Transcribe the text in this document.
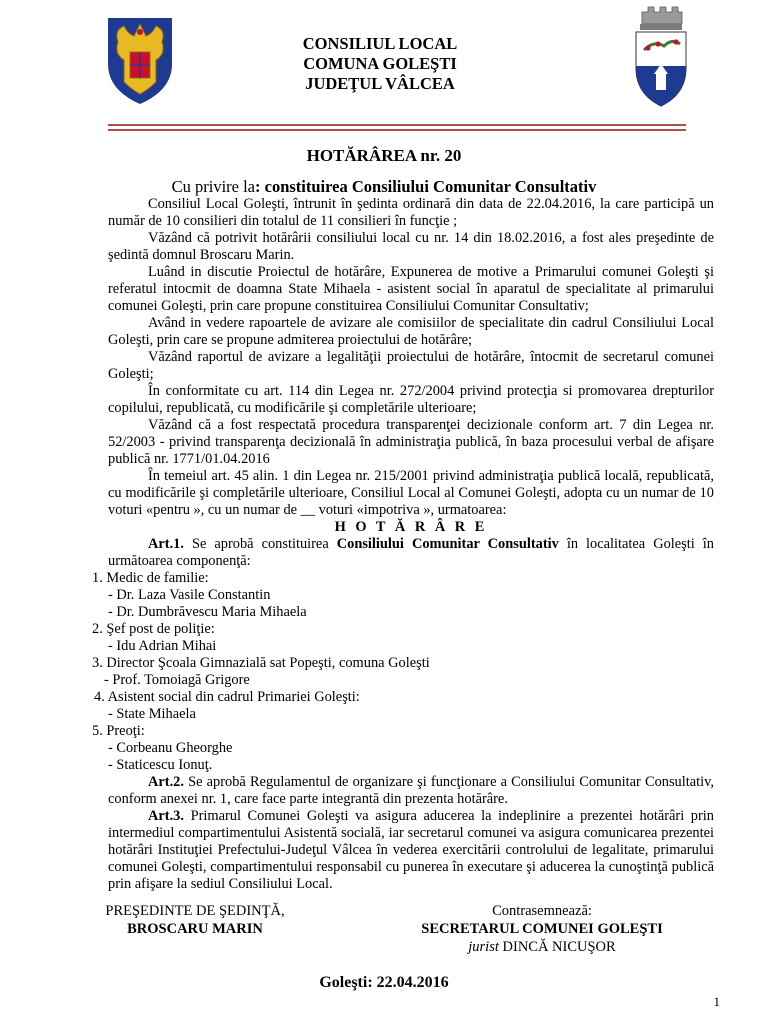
CONSILIUL LOCAL
COMUNA GOLEŞTI
JUDEŢUL VÂLCEA
HOTĂRÂREA nr. 20
Cu privire la: constituirea Consiliului Comunitar Consultativ

Consiliul Local Goleşti, întrunit în şedinta ordinară din data de 22.04.2016, la care participă un număr de 10 consilieri din totalul de 11 consilieri în funcţie ;

Văzând că potrivit hotărârii consiliului local cu nr. 14 din 18.02.2016, a fost ales preşedinte de şedintă domnul Broscaru Marin.

Luând in discutie Proiectul de hotărâre, Expunerea de motive a Primarului comunei Goleşti şi referatul intocmit de doamna State Mihaela - asistent social în aparatul de specialitate al primarului comunei Goleşti, prin care propune constituirea Consiliului Comunitar Consultativ;

Având in vedere rapoartele de avizare ale comisiilor de specialitate din cadrul Consiliului Local Goleşti, prin care se propune admiterea proiectului de hotărâre;

Văzând raportul de avizare a legalităţii proiectului de hotărâre, întocmit de secretarul comunei Goleşti;

În conformitate cu art. 114 din Legea nr. 272/2004 privind protecţia si promovarea drepturilor copilului, republicată, cu modificările şi completările ulterioare;

Văzând că a fost respectată procedura transparenţei decizionale conform art. 7 din Legea nr. 52/2003 - privind transparenţa decizională în administraţia publică, în baza procesului verbal de afişare publică nr. 1771/01.04.2016

În temeiul art. 45 alin. 1 din Legea nr. 215/2001 privind administraţia publică locală, republicată, cu modificările şi completările ulterioare, Consiliul Local al Comunei Goleşti, adopta cu un numar de 10 voturi «pentru », cu un numar de __ voturi «impotriva », urmatoarea:

H O T Ă R Â R E

Art.1. Se aprobă constituirea Consiliului Comunitar Consultativ în localitatea Goleşti în următoarea componenţă:

1. Medic de familie:
- Dr. Laza Vasile Constantin
- Dr. Dumbrăvescu Maria Mihaela
2. Şef post de poliţie:
- Idu Adrian Mihai
3. Director Şcoala Gimnazială sat Popeşti, comuna Goleşti
- Prof. Tomoiagă Grigore
4. Asistent social din cadrul Primariei Goleşti:
- State Mihaela
5. Preoţi:
- Corbeanu Gheorghe
- Staticescu Ionuţ.

Art.2. Se aprobă Regulamentul de organizare şi funcţionare a Consiliului Comunitar Consultativ, conform anexei nr. 1, care face parte integrantă din prezenta hotărâre.

Art.3. Primarul Comunei Goleşti va asigura aducerea la indeplinire a prezentei hotărâri prin intermediul compartimentului Asistentă socială, iar secretarul comunei va asigura comunicarea prezentei hotărâri Instituţiei Prefectului-Judeţul Vâlcea în vederea exercitării controlului de legalitate, primarului comunei Goleşti, compartimentului responsabil cu punerea în executare şi aducerea la cunoştinţă publică prin afişare la sediul Consiliului Local.

PREŞEDINTE DE ŞEDINŢĂ,
BROSCARU MARIN
Contrasemnează:
SECRETARUL COMUNEI GOLEŞTI
jurist DINCĂ NICUŞOR
Goleşti: 22.04.2016
1
